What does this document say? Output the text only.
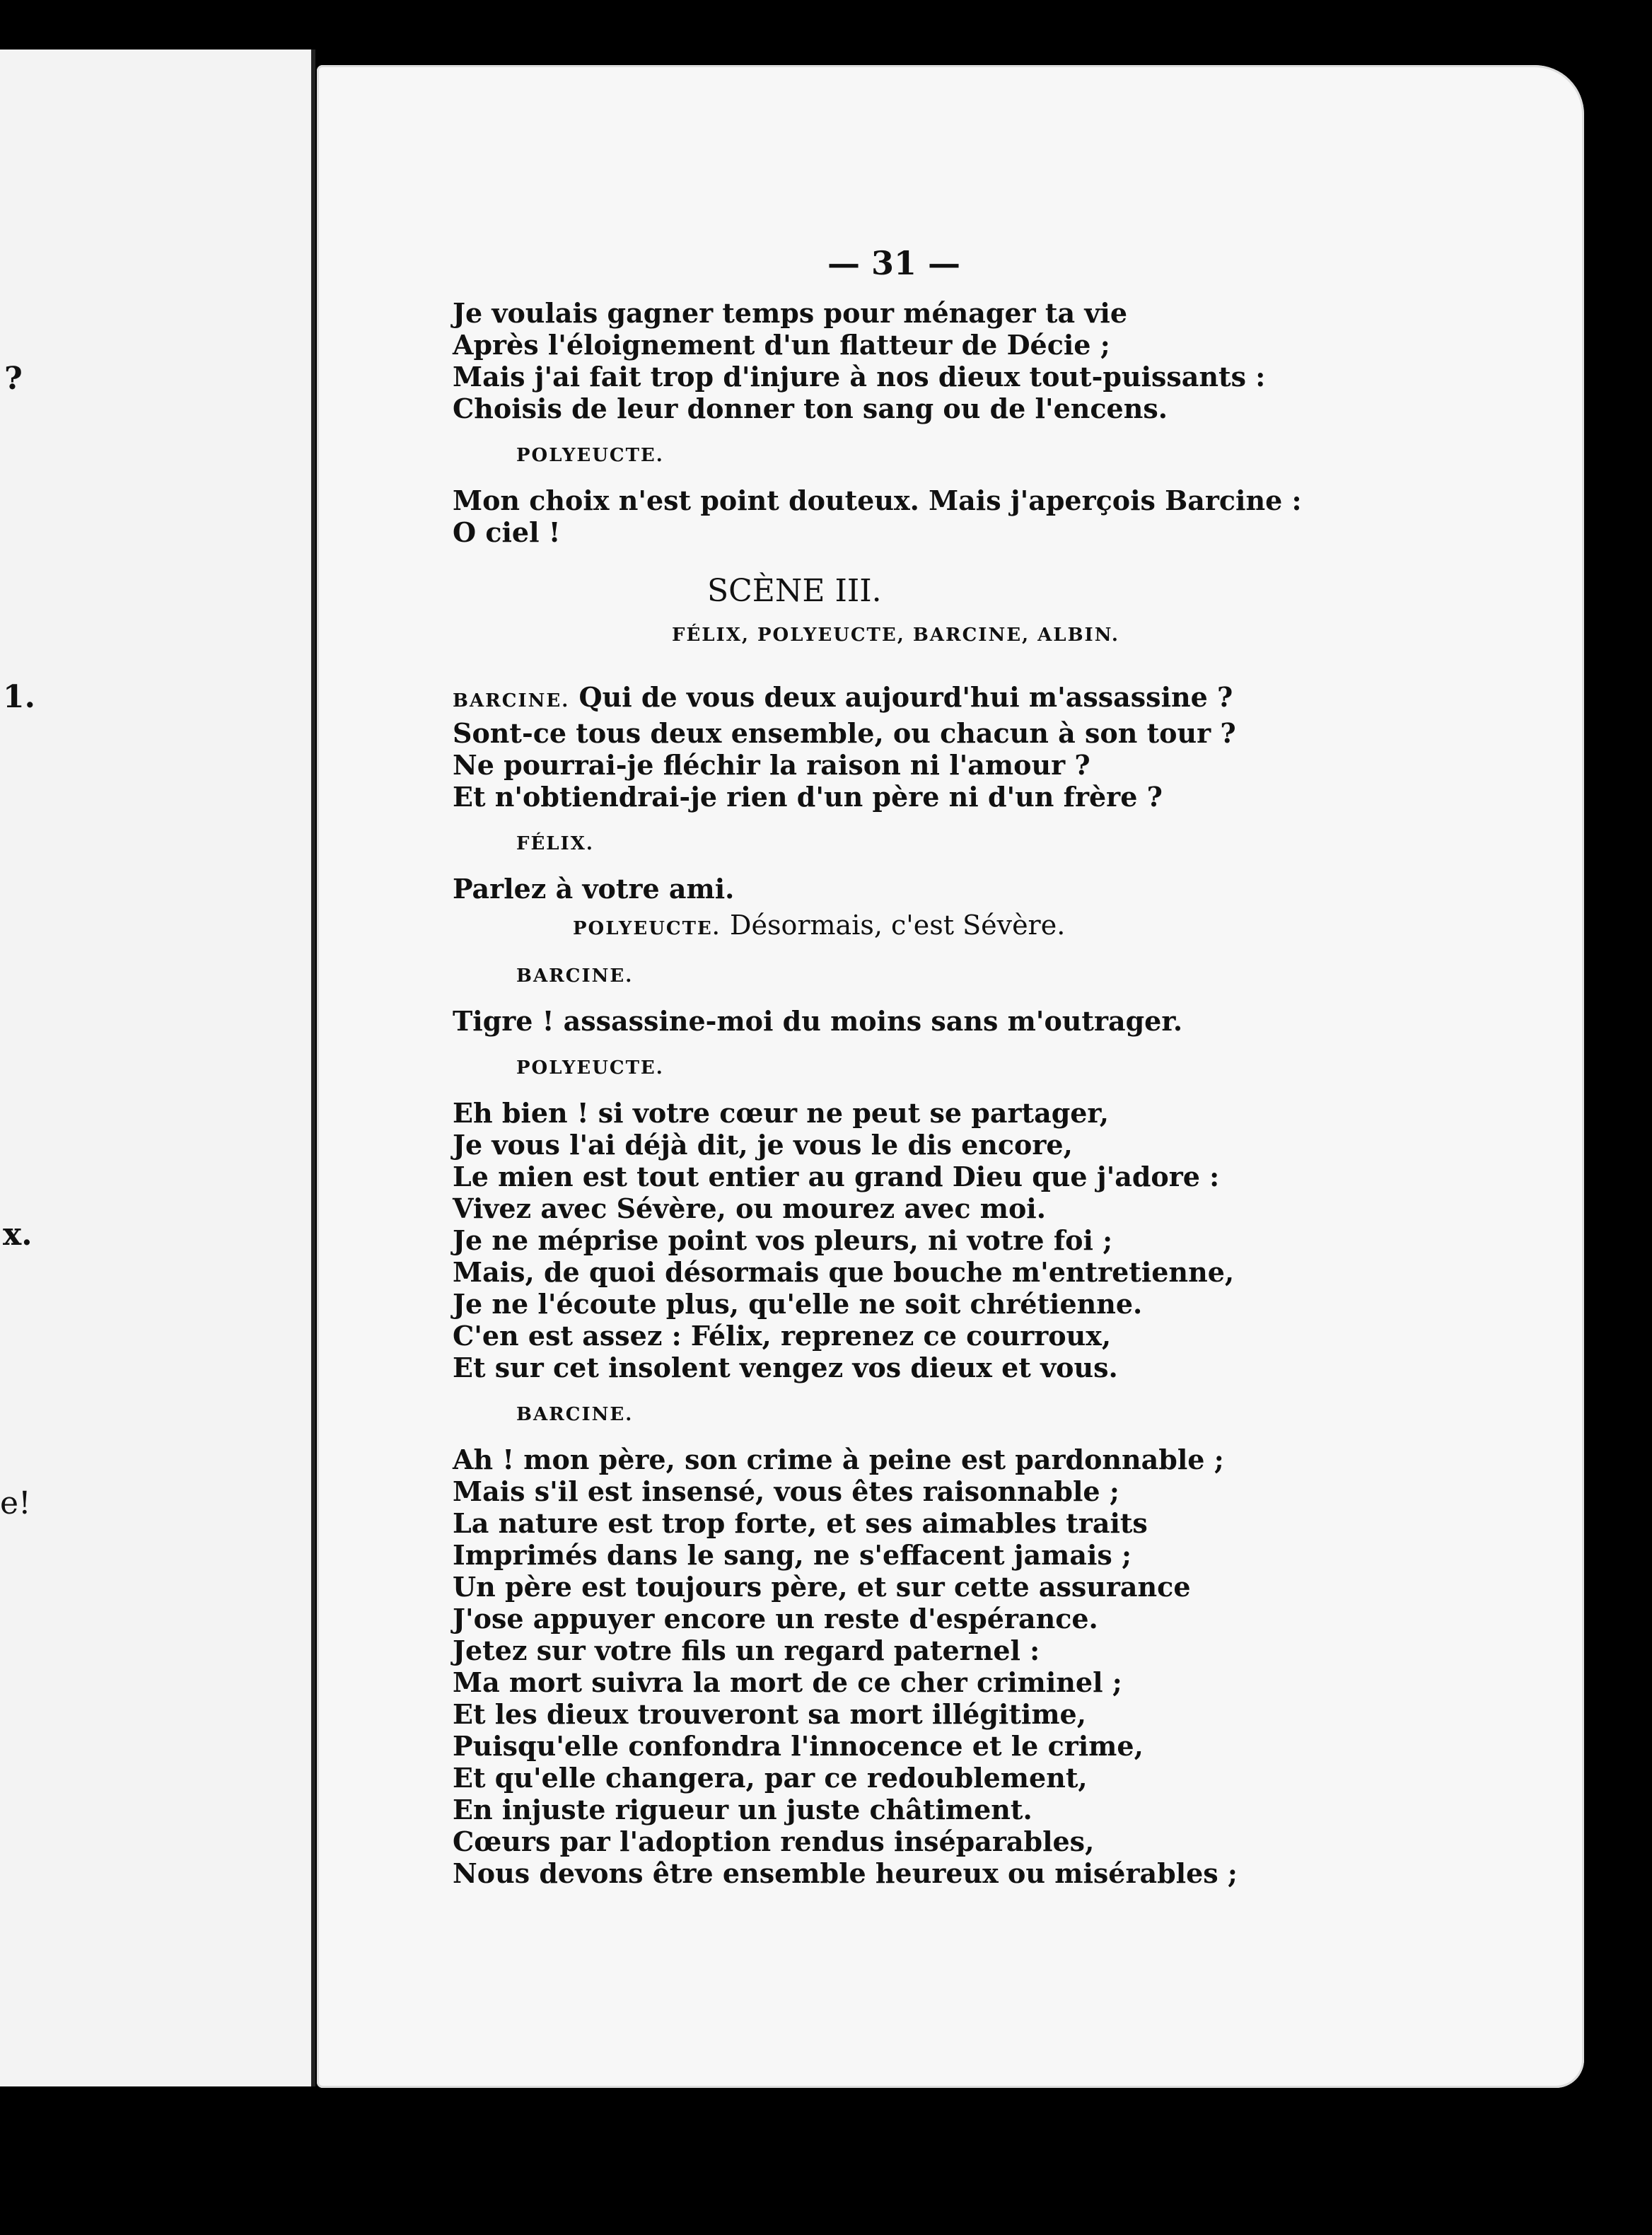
?
1.
x.
e!
— 31 —
Je voulais gagner temps pour ménager ta vie
Après l'éloignement d'un flatteur de Décie ;
Mais j'ai fait trop d'injure à nos dieux tout-puissants :
Choisis de leur donner ton sang ou de l'encens.
POLYEUCTE.
Mon choix n'est point douteux. Mais j'aperçois Barcine :
O ciel !
SCÈNE III.
FÉLIX, POLYEUCTE, BARCINE, ALBIN.
BARCINE. Qui de vous deux aujourd'hui m'assassine ?
Sont-ce tous deux ensemble, ou chacun à son tour ?
Ne pourrai-je fléchir la raison ni l'amour ?
Et n'obtiendrai-je rien d'un père ni d'un frère ?
FÉLIX.
Parlez à votre ami.
POLYEUCTE. Désormais, c'est Sévère.
BARCINE.
Tigre ! assassine-moi du moins sans m'outrager.
POLYEUCTE.
Eh bien ! si votre cœur ne peut se partager,
Je vous l'ai déjà dit, je vous le dis encore,
Le mien est tout entier au grand Dieu que j'adore :
Vivez avec Sévère, ou mourez avec moi.
Je ne méprise point vos pleurs, ni votre foi ;
Mais, de quoi désormais que bouche m'entretienne,
Je ne l'écoute plus, qu'elle ne soit chrétienne.
C'en est assez : Félix, reprenez ce courroux,
Et sur cet insolent vengez vos dieux et vous.
BARCINE.
Ah ! mon père, son crime à peine est pardonnable ;
Mais s'il est insensé, vous êtes raisonnable ;
La nature est trop forte, et ses aimables traits
Imprimés dans le sang, ne s'effacent jamais ;
Un père est toujours père, et sur cette assurance
J'ose appuyer encore un reste d'espérance.
Jetez sur votre fils un regard paternel :
Ma mort suivra la mort de ce cher criminel ;
Et les dieux trouveront sa mort illégitime,
Puisqu'elle confondra l'innocence et le crime,
Et qu'elle changera, par ce redoublement,
En injuste rigueur un juste châtiment.
Cœurs par l'adoption rendus inséparables,
Nous devons être ensemble heureux ou misérables ;
